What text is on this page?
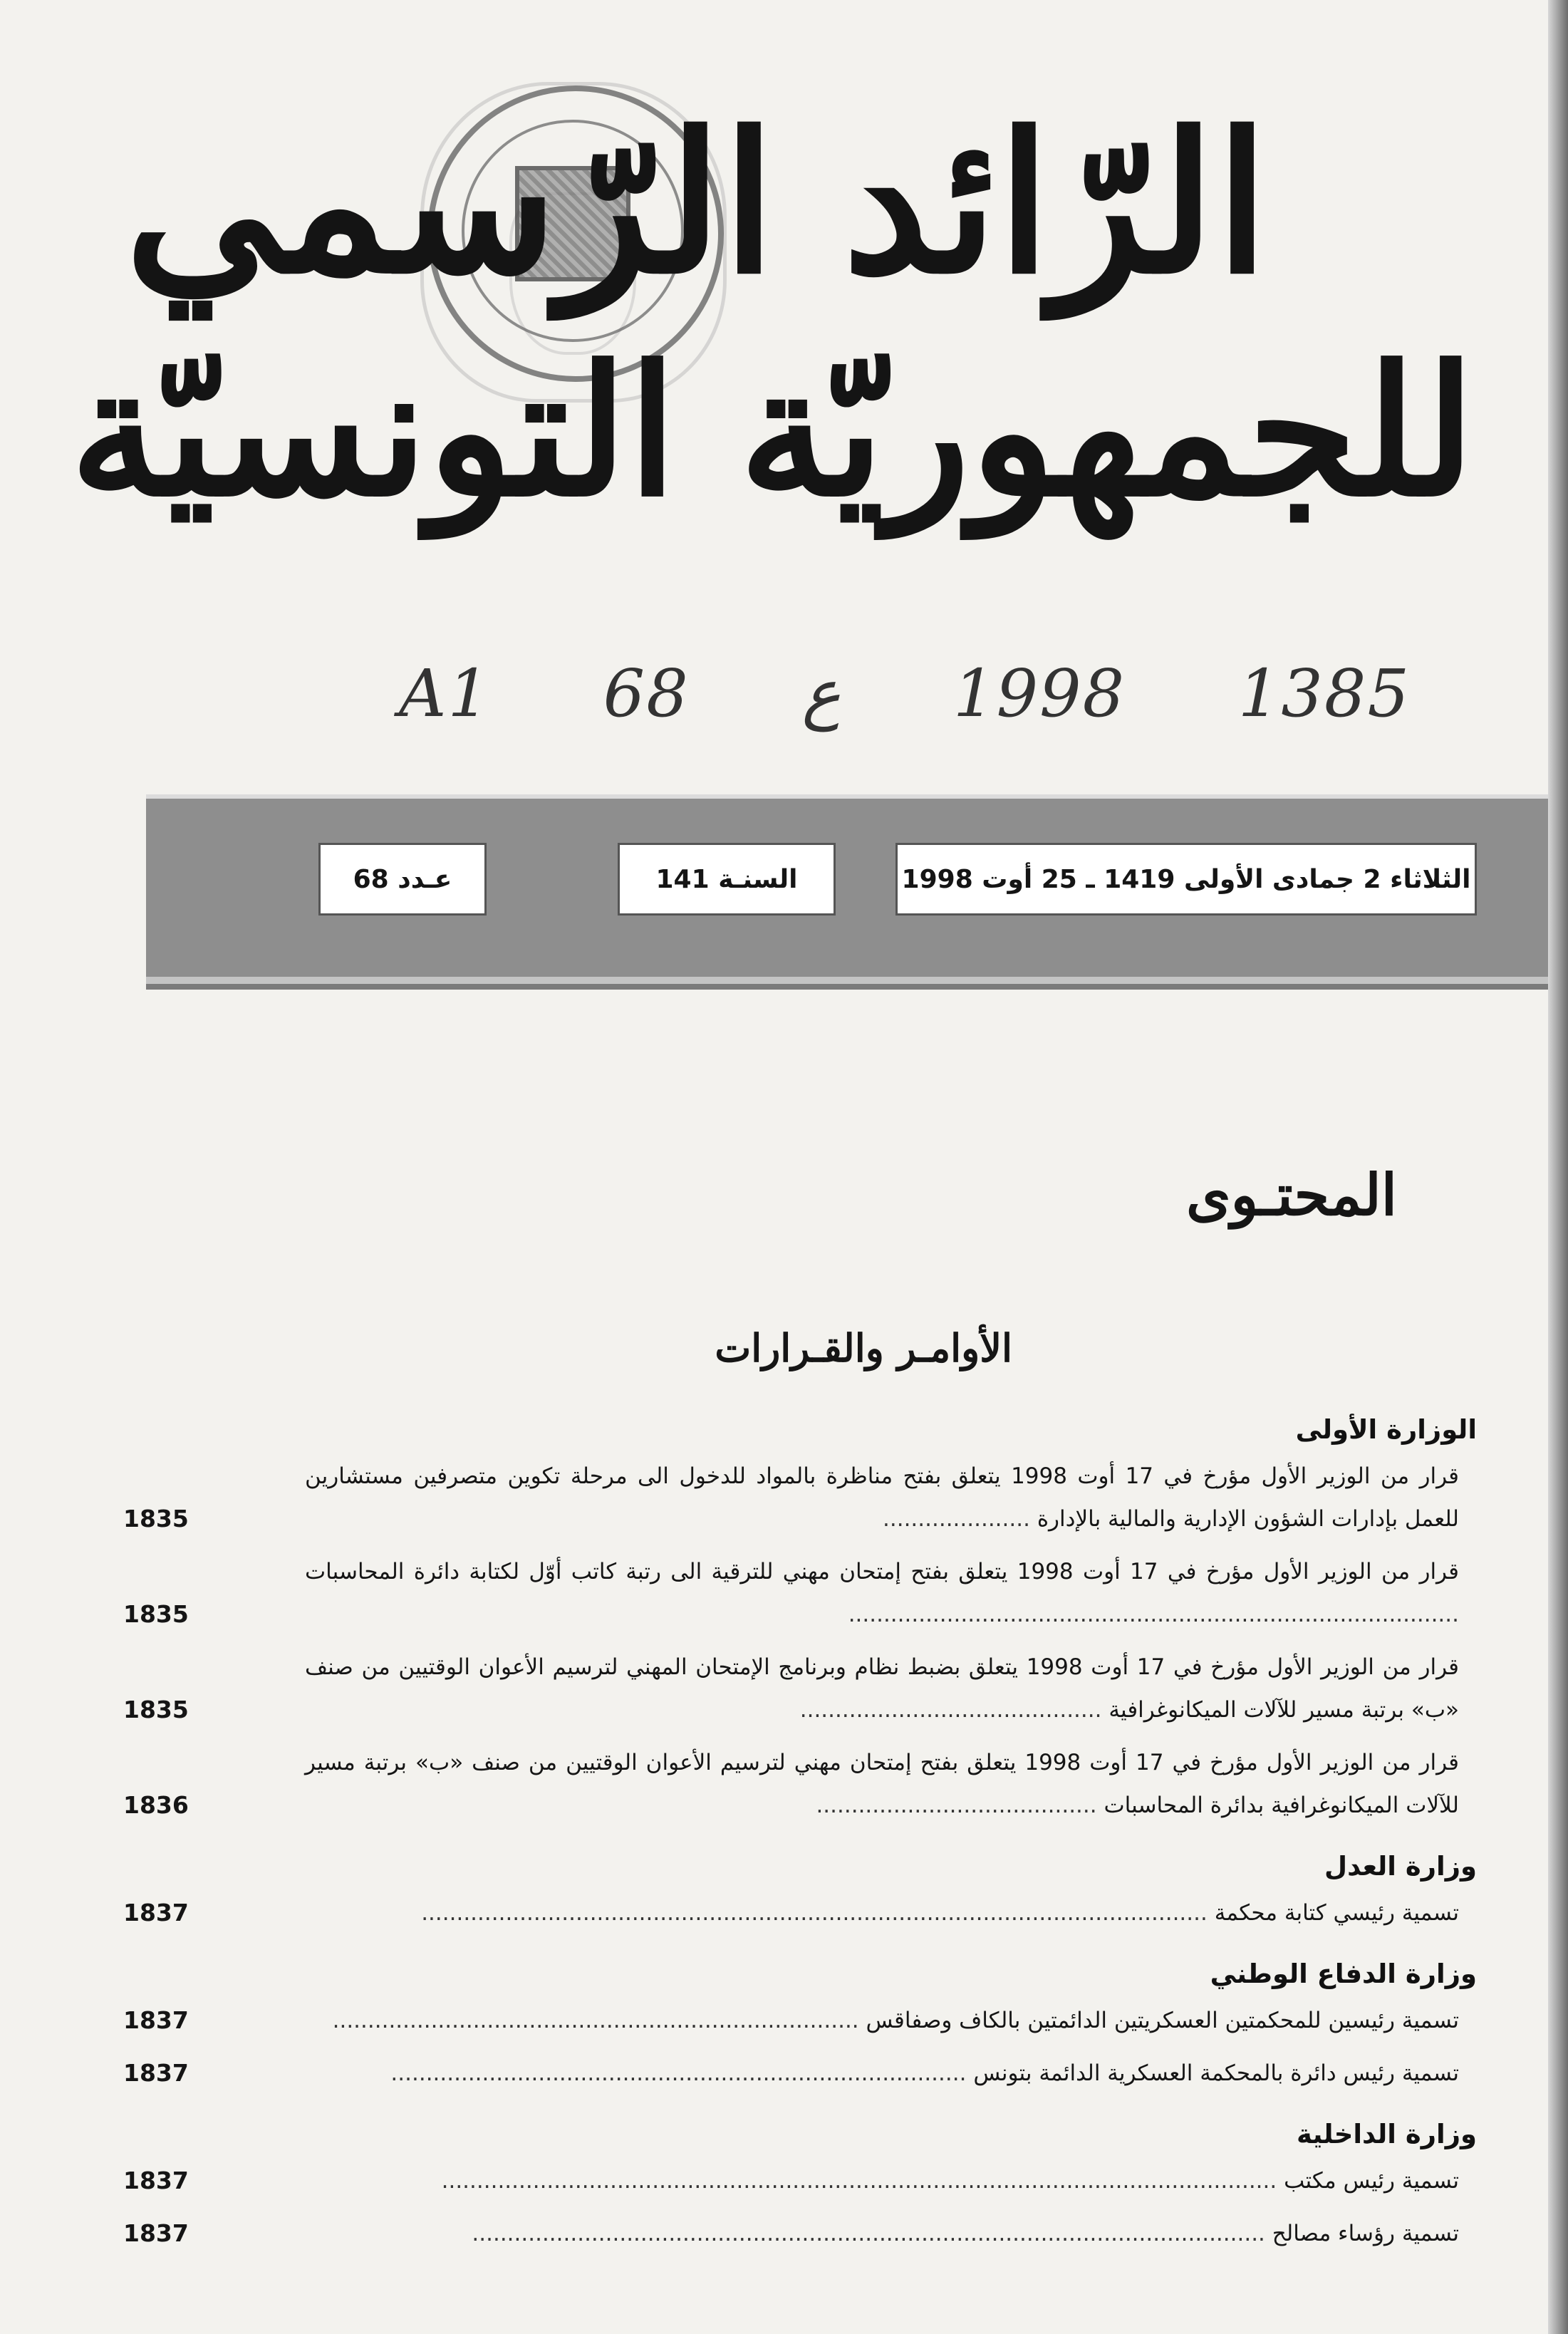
الرّائد الرّسمي
للجمهوريّة التونسيّة
A1 68 ع 1998 1385
الثلاثاء 2 جمادى الأولى 1419 ـ 25 أوت 1998
السنـة 141
عـدد 68
المحتـوى
الأوامـر والقـرارات

الوزارة الأولى

قرار من الوزير الأول مؤرخ في 17 أوت 1998 يتعلق بفتح مناظرة بالمواد للدخول الى مرحلة تكوين متصرفين مستشارين للعمل بإدارات الشؤون الإدارية والمالية بالإدارة .....................
1835
قرار من الوزير الأول مؤرخ في 17 أوت 1998 يتعلق بفتح إمتحان مهني للترقية الى رتبة كاتب أوّل لكتابة دائرة المحاسبات .......................................................................................
1835
قرار من الوزير الأول مؤرخ في 17 أوت 1998 يتعلق بضبط نظام وبرنامج الإمتحان المهني لترسيم الأعوان الوقتيين من صنف «ب» برتبة مسير للآلات الميكانوغرافية ...........................................
1835
قرار من الوزير الأول مؤرخ في 17 أوت 1998 يتعلق بفتح إمتحان مهني لترسيم الأعوان الوقتيين من صنف «ب» برتبة مسير للآلات الميكانوغرافية بدائرة المحاسبات ........................................
1836

وزارة العدل

تسمية رئيسي كتابة محكمة ................................................................................................................
1837

وزارة الدفاع الوطني

تسمية رئيسين للمحكمتين العسكريتين الدائمتين بالكاف وصفاقس ...........................................................................
1837
تسمية رئيس دائرة بالمحكمة العسكرية الدائمة بتونس ..................................................................................
1837

وزارة الداخلية

تسمية رئيس مكتب .......................................................................................................................
1837
تسمية رؤساء مصالح .................................................................................................................
1837
